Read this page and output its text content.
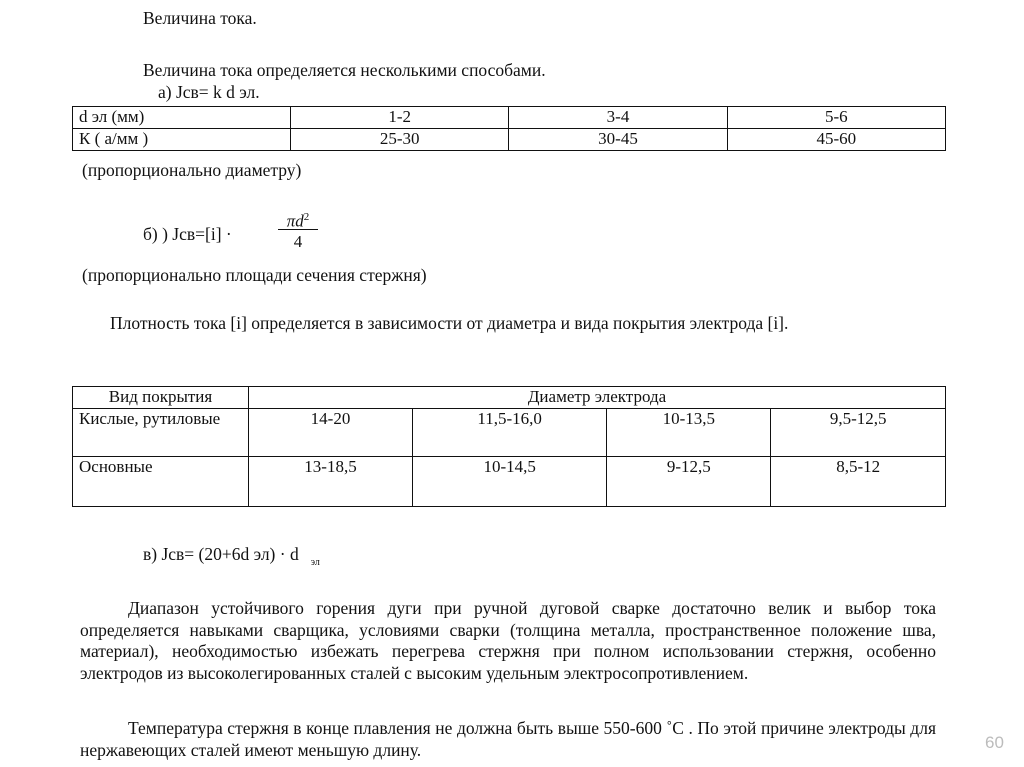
Величина тока.
Величина тока определяется несколькими способами.
а) Jсв= k d эл.
d эл (мм)	1-2	3-4	5-6
К ( а/мм )	25-30	30-45	45-60
(пропорционально диаметру)
б) ) Jсв=[i] ·
$\pi d^2$
4
(пропорционально площади сечения стержня)
Плотность тока [i] определяется в зависимости от диаметра и вида покрытия электрода [i].
Вид покрытия	Диаметр электрода			
Кислые, рутиловые	14-20	11,5-16,0	10-13,5	9,5-12,5
Основные	13-18,5	10-14,5	9-12,5	8,5-12
в) Jсв= (20+6d эл) · d $_{эл}$
Диапазон устойчивого горения дуги при ручной дуговой сварке достаточно велик и выбор тока определяется навыками сварщика, условиями сварки (толщина металла, пространственное положение шва, материал), необходимостью избежать перегрева стержня при полном использовании стержня, особенно электродов из высоколегированных сталей с высоким удельным электросопротивлением.
Температура стержня в конце плавления не должна быть выше 550-600 ˚С . По этой причине электроды для нержавеющих сталей имеют меньшую длину.	60
